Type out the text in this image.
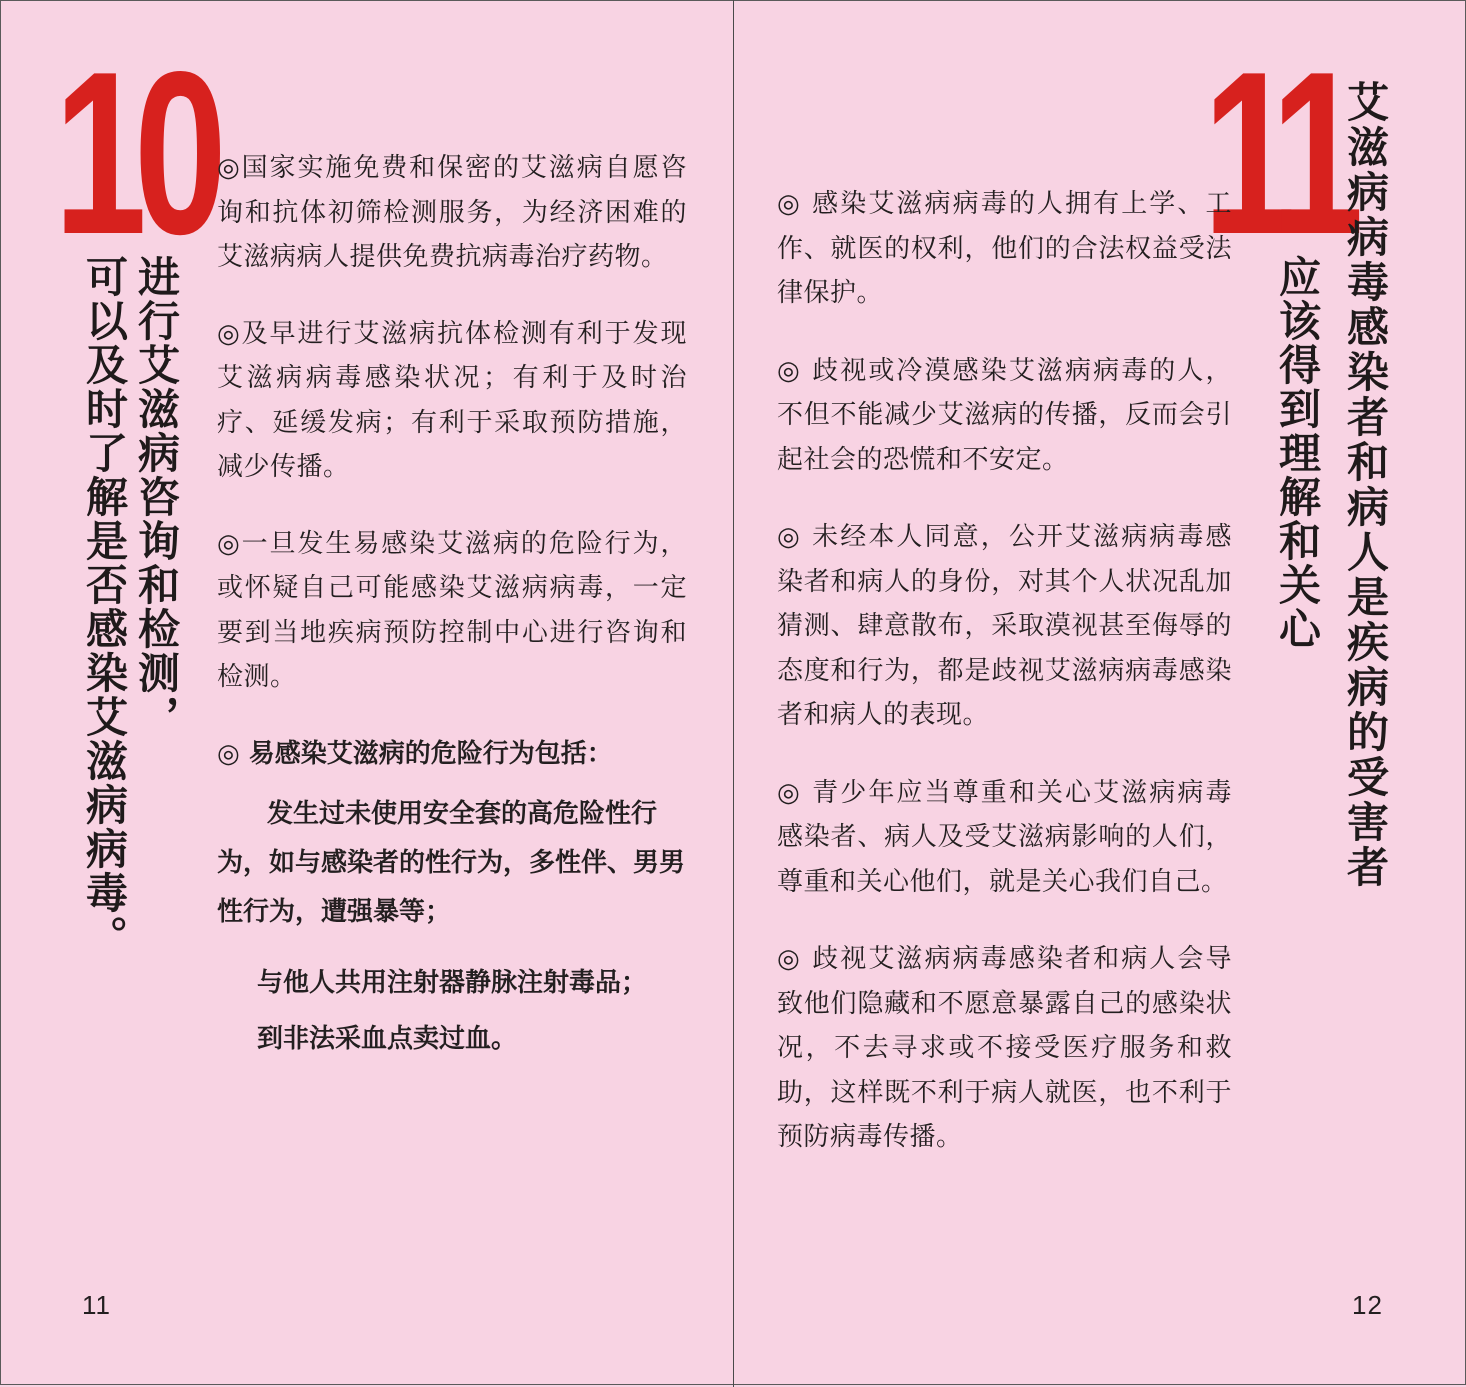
10
进行艾滋病咨询和检测，
可以及时了解是否感染艾滋病病毒。

◎国家实施免费和保密的艾滋病自愿咨询和抗体初筛检测服务，为经济困难的艾滋病病人提供免费抗病毒治疗药物。

◎及早进行艾滋病抗体检测有利于发现艾滋病病毒感染状况；有利于及时治疗、延缓发病；有利于采取预防措施，减少传播。

◎一旦发生易感染艾滋病的危险行为，或怀疑自己可能感染艾滋病病毒，一定要到当地疾病预防控制中心进行咨询和检测。

◎ 易感染艾滋病的危险行为包括：

发生过未使用安全套的高危险性行为，如与感染者的性行为，多性伴、男男性行为，遭强暴等；

与他人共用注射器静脉注射毒品；

到非法采血点卖过血。

11
11
艾滋病病毒感染者和病人是疾病的受害者
应该得到理解和关心

◎ 感染艾滋病病毒的人拥有上学、工作、就医的权利，他们的合法权益受法律保护。

◎ 歧视或冷漠感染艾滋病病毒的人，不但不能减少艾滋病的传播，反而会引起社会的恐慌和不安定。

◎ 未经本人同意，公开艾滋病病毒感染者和病人的身份，对其个人状况乱加猜测、肆意散布，采取漠视甚至侮辱的态度和行为，都是歧视艾滋病病毒感染者和病人的表现。

◎ 青少年应当尊重和关心艾滋病病毒感染者、病人及受艾滋病影响的人们，尊重和关心他们，就是关心我们自己。

◎ 歧视艾滋病病毒感染者和病人会导致他们隐藏和不愿意暴露自己的感染状况，不去寻求或不接受医疗服务和救助，这样既不利于病人就医，也不利于预防病毒传播。

12
